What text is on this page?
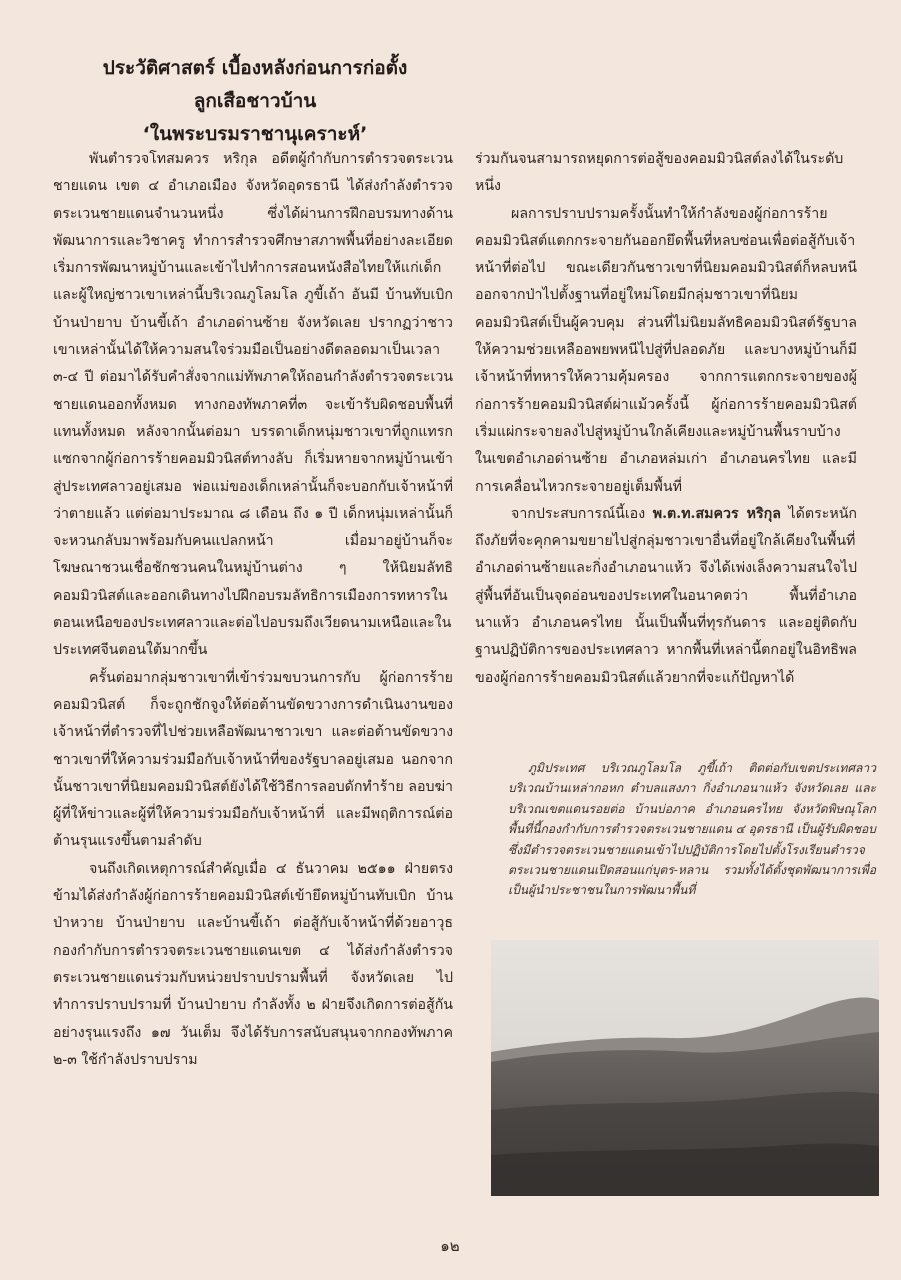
ประวัติศาสตร์ เบื้องหลังก่อนการก่อตั้ง
ลูกเสือชาวบ้าน
‘ในพระบรมราชานุเคราะห์’

พันตำรวจโทสมควร หริกุล อดีตผู้กำกับการตำรวจตระเวนชายแดน เขต ๔ อำเภอเมือง จังหวัดอุดรธานี ได้ส่งกำลังตำรวจตระเวนชายแดนจำนวนหนึ่ง ซึ่งได้ผ่านการฝึกอบรมทางด้านพัฒนาการและวิชาครู ทำการสำรวจศึกษาสภาพพื้นที่อย่างละเอียด เริ่มการพัฒนาหมู่บ้านและเข้าไปทำการสอนหนังสือไทยให้แก่เด็กและผู้ใหญ่ชาวเขาเหล่านี้บริเวณภูโลมโล ภูขี้เถ้า อันมี บ้านทับเบิก บ้านป่ายาบ บ้านขี้เถ้า อำเภอด่านซ้าย จังหวัดเลย ปรากฏว่าชาวเขาเหล่านั้นได้ให้ความสนใจร่วมมือเป็นอย่างดีตลอดมาเป็นเวลา ๓-๔ ปี ต่อมาได้รับคำสั่งจากแม่ทัพภาคให้ถอนกำลังตำรวจตระเวนชายแดนออกทั้งหมด ทางกองทัพภาคที่๓ จะเข้ารับผิดชอบพื้นที่แทนทั้งหมด หลังจากนั้นต่อมา บรรดาเด็กหนุ่มชาวเขาที่ถูกแทรกแซกจากผู้ก่อการร้ายคอมมิวนิสต์ทางลับ ก็เริ่มหายจากหมู่บ้านเข้าสู่ประเทศลาวอยู่เสมอ พ่อแม่ของเด็กเหล่านั้นก็จะบอกกับเจ้าหน้าที่ว่าตายแล้ว แต่ต่อมาประมาณ ๘ เดือน ถึง ๑ ปี เด็กหนุ่มเหล่านั้นก็จะหวนกลับมาพร้อมกับคนแปลกหน้า เมื่อมาอยู่บ้านก็จะโฆษณาชวนเชื่อชักชวนคนในหมู่บ้านต่าง ๆ ให้นิยมลัทธิคอมมิวนิสต์และออกเดินทางไปฝึกอบรมลัทธิการเมืองการทหารในตอนเหนือของประเทศลาวและต่อไปอบรมถึงเวียดนามเหนือและในประเทศจีนตอนใต้มากขึ้น

ครั้นต่อมากลุ่มชาวเขาที่เข้าร่วมขบวนการกับ ผู้ก่อการร้ายคอมมิวนิสต์ ก็จะถูกชักจูงให้ต่อต้านขัดขวางการดำเนินงานของเจ้าหน้าที่ตำรวจที่ไปช่วยเหลือพัฒนาชาวเขา และต่อต้านขัดขวางชาวเขาที่ให้ความร่วมมือกับเจ้าหน้าที่ของรัฐบาลอยู่เสมอ นอกจากนั้นชาวเขาที่นิยมคอมมิวนิสต์ยังได้ใช้วิธีการลอบดักทำร้าย ลอบฆ่า ผู้ที่ให้ข่าวและผู้ที่ให้ความร่วมมือกับเจ้าหน้าที่ และมีพฤติการณ์ต่อต้านรุนแรงขึ้นตามลำดับ

จนถึงเกิดเหตุการณ์สำคัญเมื่อ ๔ ธันวาคม ๒๕๑๑ ฝ่ายตรงข้ามได้ส่งกำลังผู้ก่อการร้ายคอมมิวนิสต์เข้ายึดหมู่บ้านทับเบิก บ้านป่าหวาย บ้านป่ายาบ และบ้านขี้เถ้า ต่อสู้กับเจ้าหน้าที่ด้วยอาวุธ กองกำกับการตำรวจตระเวนชายแดนเขต ๔ ได้ส่งกำลังตำรวจตระเวนชายแดนร่วมกับหน่วยปราบปรามพื้นที่ จังหวัดเลย ไปทำการปราบปรามที่ บ้านป่ายาบ กำลังทั้ง ๒ ฝ่ายจึงเกิดการต่อสู้กันอย่างรุนแรงถึง ๑๗ วันเต็ม จึงได้รับการสนับสนุนจากกองทัพภาค ๒-๓ ใช้กำลังปราบปราม

ร่วมกันจนสามารถหยุดการต่อสู้ของคอมมิวนิสต์ลงได้ในระดับหนึ่ง

ผลการปราบปรามครั้งนั้นทำให้กำลังของผู้ก่อการร้ายคอมมิวนิสต์แตกกระจายกันออกยึดพื้นที่หลบซ่อนเพื่อต่อสู้กับเจ้าหน้าที่ต่อไป ขณะเดียวกันชาวเขาที่นิยมคอมมิวนิสต์ก็หลบหนีออกจากป่าไปตั้งฐานที่อยู่ใหม่โดยมีกลุ่มชาวเขาที่นิยมคอมมิวนิสต์เป็นผู้ควบคุม ส่วนที่ไม่นิยมลัทธิคอมมิวนิสต์รัฐบาลให้ความช่วยเหลืออพยพหนีไปสู่ที่ปลอดภัย และบางหมู่บ้านก็มีเจ้าหน้าที่ทหารให้ความคุ้มครอง จากการแตกกระจายของผู้ก่อการร้ายคอมมิวนิสต์ผ่าแม้วครั้งนี้ ผู้ก่อการร้ายคอมมิวนิสต์เริ่มแผ่กระจายลงไปสู่หมู่บ้านใกล้เคียงและหมู่บ้านพื้นราบบ้างในเขตอำเภอด่านซ้าย อำเภอหล่มเก่า อำเภอนครไทย และมีการเคลื่อนไหวกระจายอยู่เต็มพื้นที่

จากประสบการณ์นี้เอง พ.ต.ท.สมควร หริกุล ได้ตระหนักถึงภัยที่จะคุกคามขยายไปสู่กลุ่มชาวเขาอื่นที่อยู่ใกล้เคียงในพื้นที่ อำเภอด่านซ้ายและกิ่งอำเภอนาแห้ว จึงได้เพ่งเล็งความสนใจไปสู่พื้นที่อันเป็นจุดอ่อนของประเทศในอนาคตว่า พื้นที่อำเภอนาแห้ว อำเภอนครไทย นั้นเป็นพื้นที่ทุรกันดาร และอยู่ติดกับฐานปฏิบัติการของประเทศลาว หากพื้นที่เหล่านี้ตกอยู่ในอิทธิพลของผู้ก่อการร้ายคอมมิวนิสต์แล้วยากที่จะแก้ปัญหาได้

ภูมิประเทศ บริเวณภูโลมโล ภูขี้เถ้า ติดต่อกับเขตประเทศลาว บริเวณบ้านเหล่ากอหก ตำบลแสงภา กิ่งอำเภอนาแห้ว จังหวัดเลย และบริเวณเขตแดนรอยต่อ บ้านบ่อภาค อำเภอนครไทย จังหวัดพิษณุโลก พื้นที่นี้กองกำกับการตำรวจตระเวนชายแดน ๔ อุดรธานี เป็นผู้รับผิดชอบ ซึ่งมีตำรวจตระเวนชายแดนเข้าไปปฏิบัติการโดยไปตั้งโรงเรียนตำรวจตระเวนชายแดนเปิดสอนแก่บุตร-หลาน รวมทั้งได้ตั้งชุดพัฒนาการเพื่อเป็นผู้นำประชาชนในการพัฒนาพื้นที่

๑๒
